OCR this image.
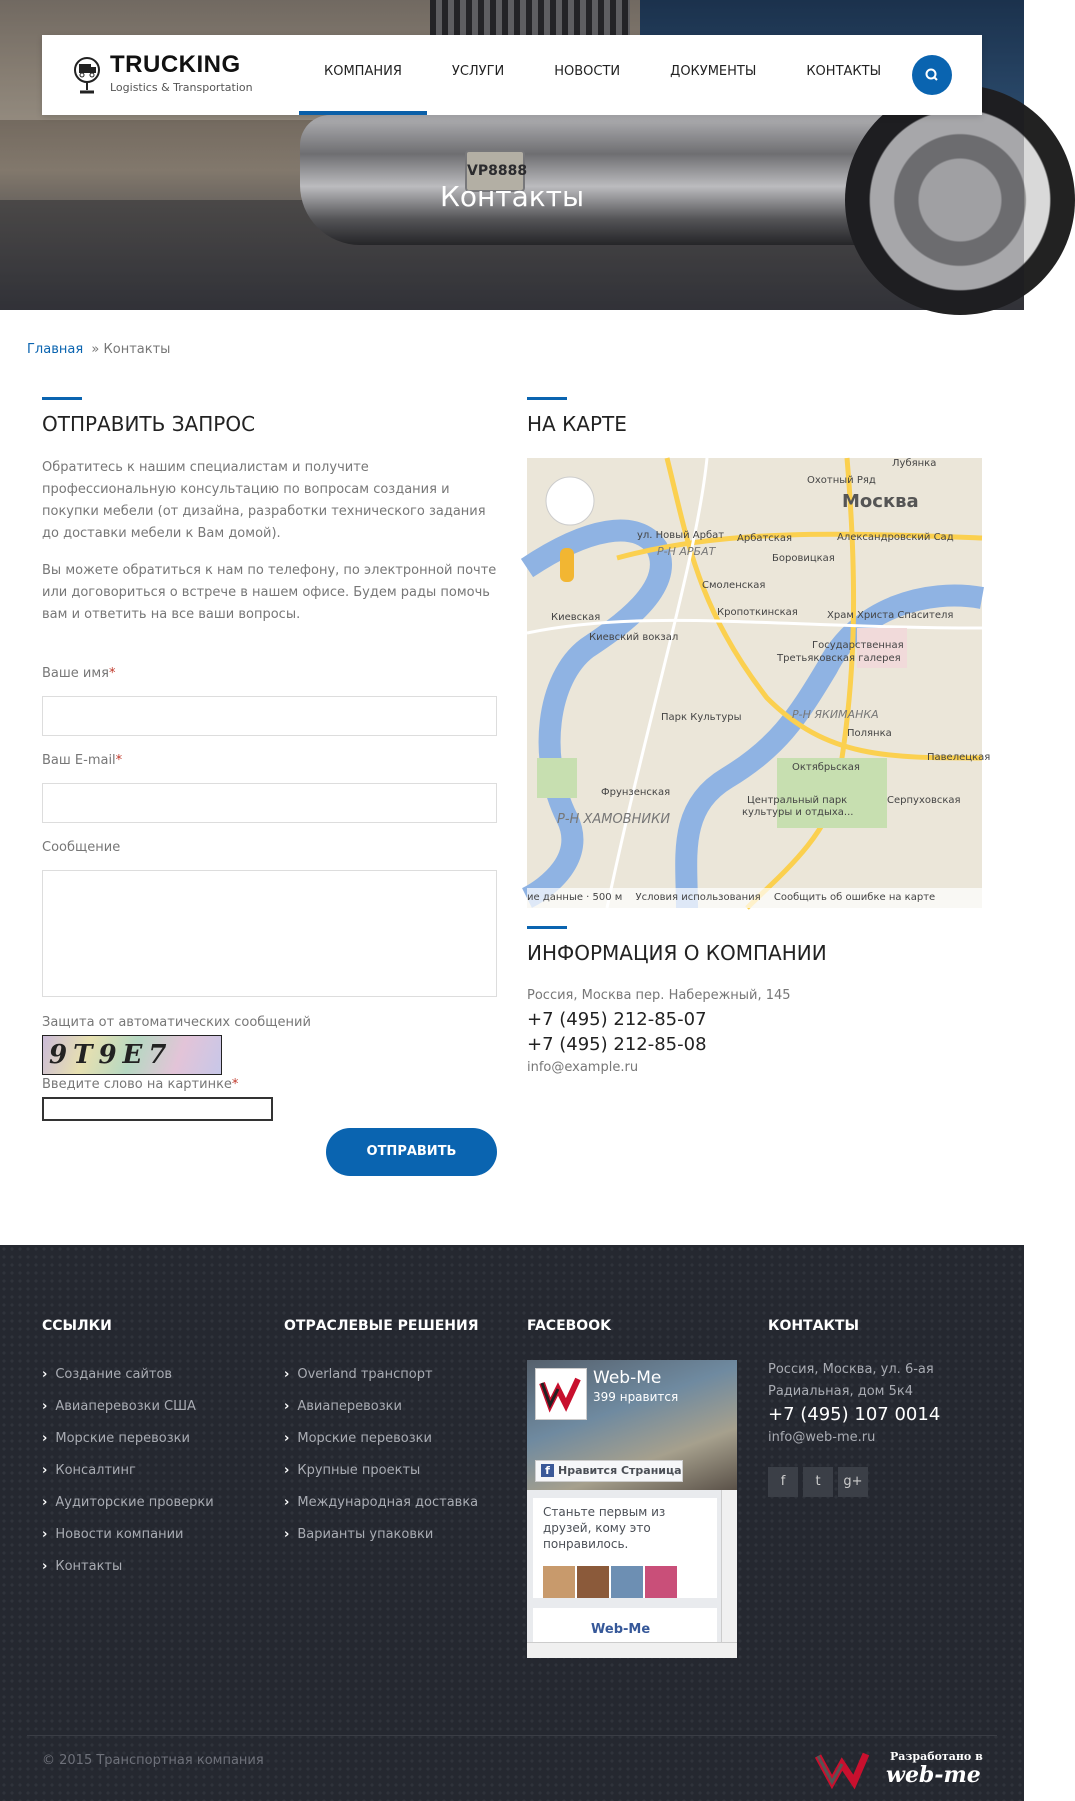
VP8888
Контакты
TRUCKING
Logistics & Transportation
КОМПАНИЯ	УСЛУГИ	НОВОСТИ	ДОКУМЕНТЫ	КОНТАКТЫ
Главная » Контакты
ОТПРАВИТЬ ЗАПРОС
Обратитесь к нашим специалистам и получите профессиональную консультацию по вопросам создания и покупки мебели (от дизайна, разработки технического задания до доставки мебели к Вам домой).
Вы можете обратиться к нам по телефону, по электронной почте или договориться о встрече в нашем офисе. Будем рады помочь вам и ответить на все ваши вопросы.
Ваше имя*
Ваш E-mail*
Сообщение
Защита от автоматических сообщений
9T9E7
Введите слово на картинке*
ОТПРАВИТЬ
НА КАРТЕ
Москва
Р-Н АРБАТ
Р-Н ЯКИМАНКА
Р-Н ХАМОВНИКИ
Смоленская
Кропоткинская
Киевская
Арбатская
Боровицкая
Парк Культуры
Октябрьская
Фрунзенская
Полянка
Павелецкая
Охотный Ряд
Лубянка
Серпуховская
Киевский вокзал
Государственная
Третьяковская галерея
Храм Христа Спасителя
Центральный парк
культуры и отдыха...
ул. Новый Арбат	Александровский Сад
ие данные · 500 м Условия использования Сообщить об ошибке на карте
ИНФОРМАЦИЯ О КОМПАНИИ
Россия, Москва пер. Набережный, 145
+7 (495) 212-85-07
+7 (495) 212-85-08
info@example.ru
ССЫЛКИ
› Создание сайтов
› Авиаперевозки США
› Морские перевозки
› Консалтинг
› Аудиторские проверки
› Новости компании
› Контакты
ОТРАСЛЕВЫЕ РЕШЕНИЯ
› Overland транспорт
› Авиаперевозки
› Морские перевозки
› Крупные проекты
› Международная доставка
› Варианты упаковки
FACEBOOK
Web-Me
399 нравится
f Нравится Страница
Станьте первым из друзей, кому это понравилось.
Web-Me
КОНТАКТЫ
Россия, Москва, ул. 6-ая
Радиальная, дом 5к4
+7 (495) 107 0014
info@web-me.ru
f	t	g+
© 2015 Транспортная компания	Разработано в
web-me
